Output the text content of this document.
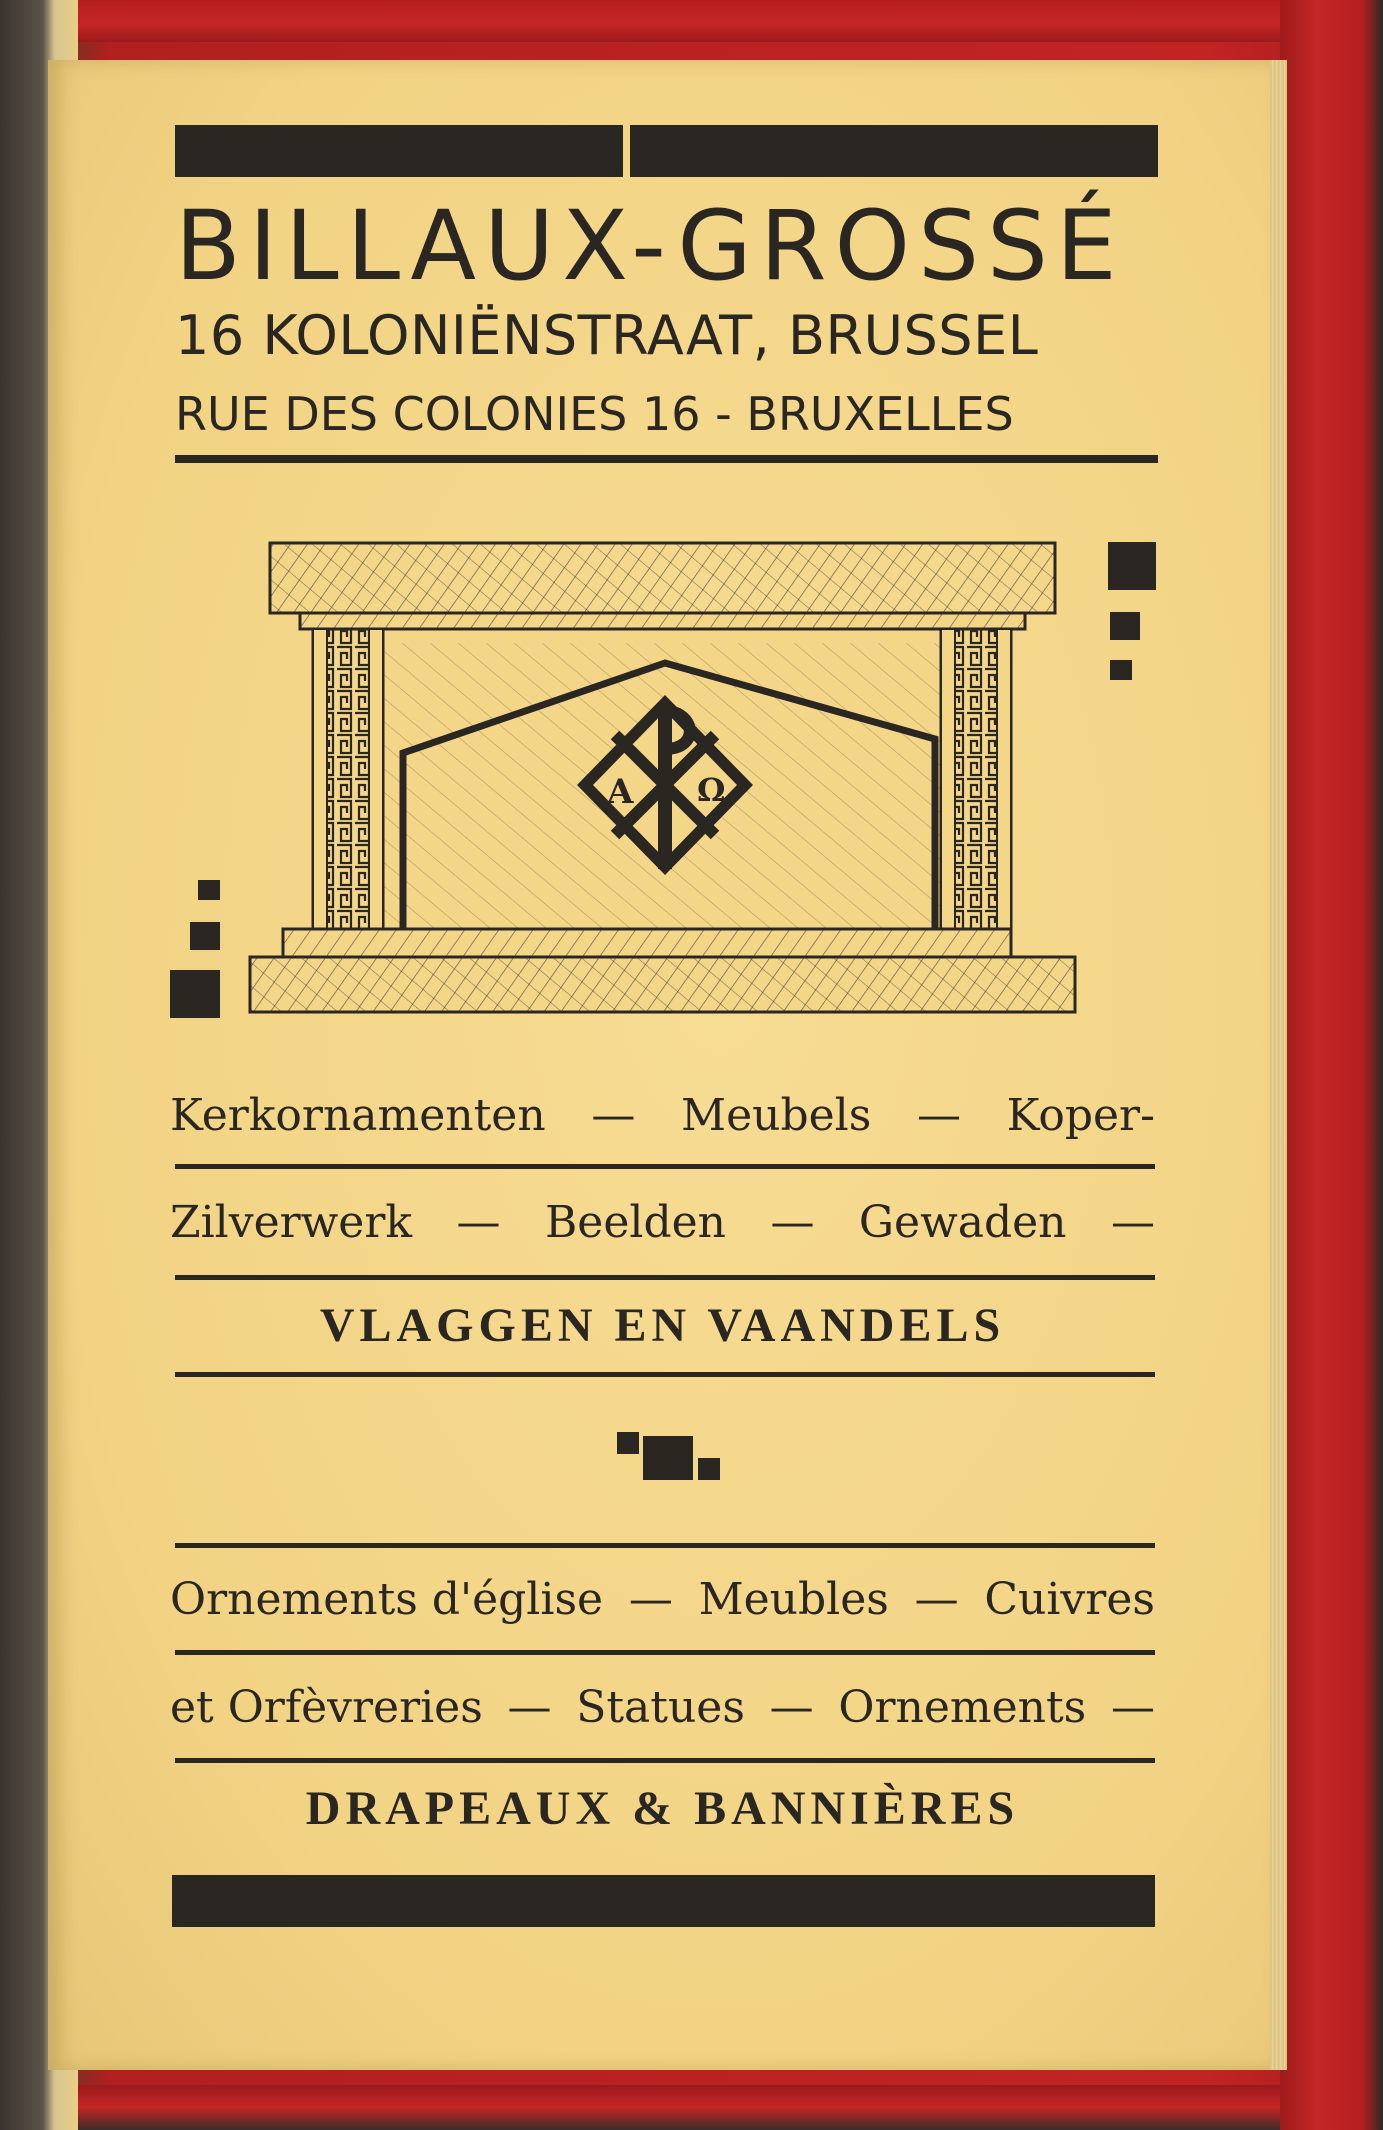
BILLAUX-GROSSÉ
16 KOLONIËNSTRAAT, BRUSSEL
RUE DES COLONIES 16 - BRUXELLES
A Ω
Kerkornamenten — Meubels — Koper-
Zilverwerk — Beelden — Gewaden —
VLAGGEN EN VAANDELS
Ornements d'église — Meubles — Cuivres
et Orfèvreries — Statues — Ornements —
DRAPEAUX & BANNIÈRES
